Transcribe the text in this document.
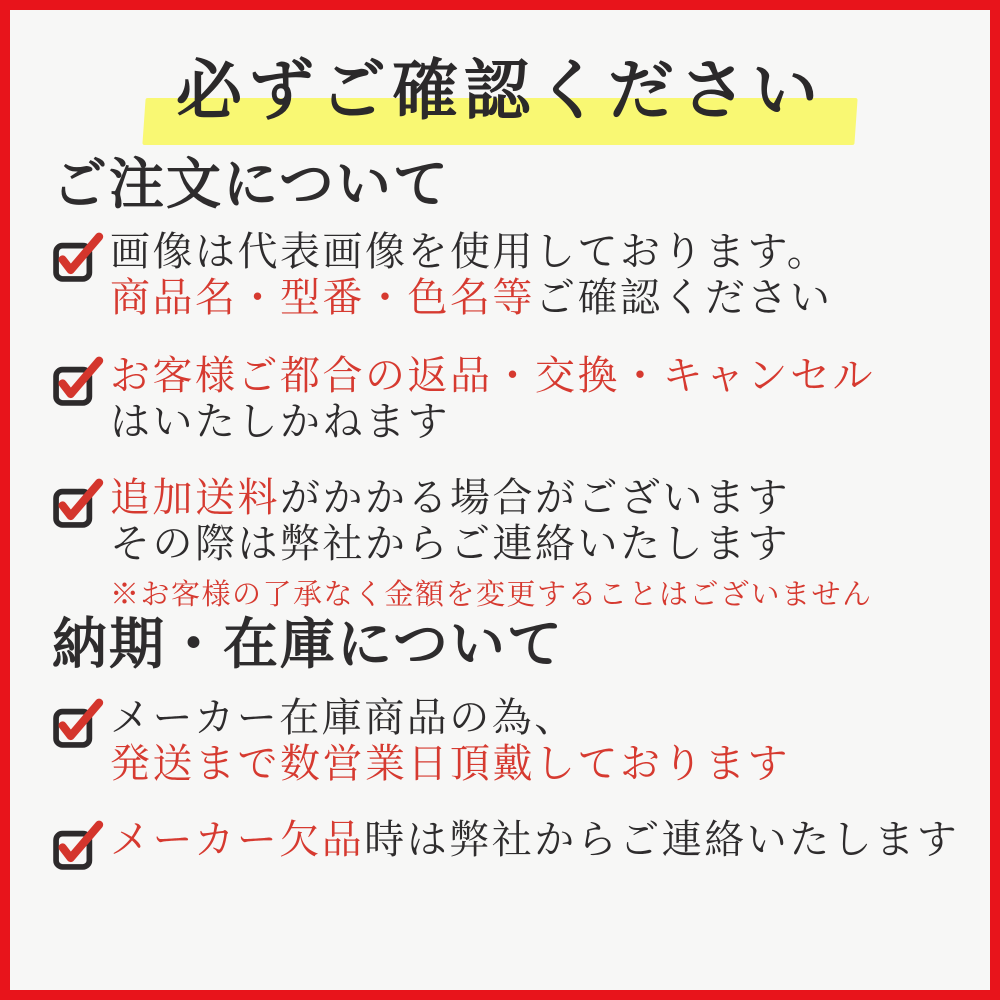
必ずご確認ください
ご注文について

画像は代表画像を使用しております。
商品名・型番・色名等ご確認ください

お客様ご都合の返品・交換・キャンセル
はいたしかねます

追加送料がかかる場合がございます
その際は弊社からご連絡いたします

※お客様の了承なく金額を変更することはございません
納期・在庫について

メーカー在庫商品の為、
発送まで数営業日頂戴しております

メーカー欠品時は弊社からご連絡いたします
